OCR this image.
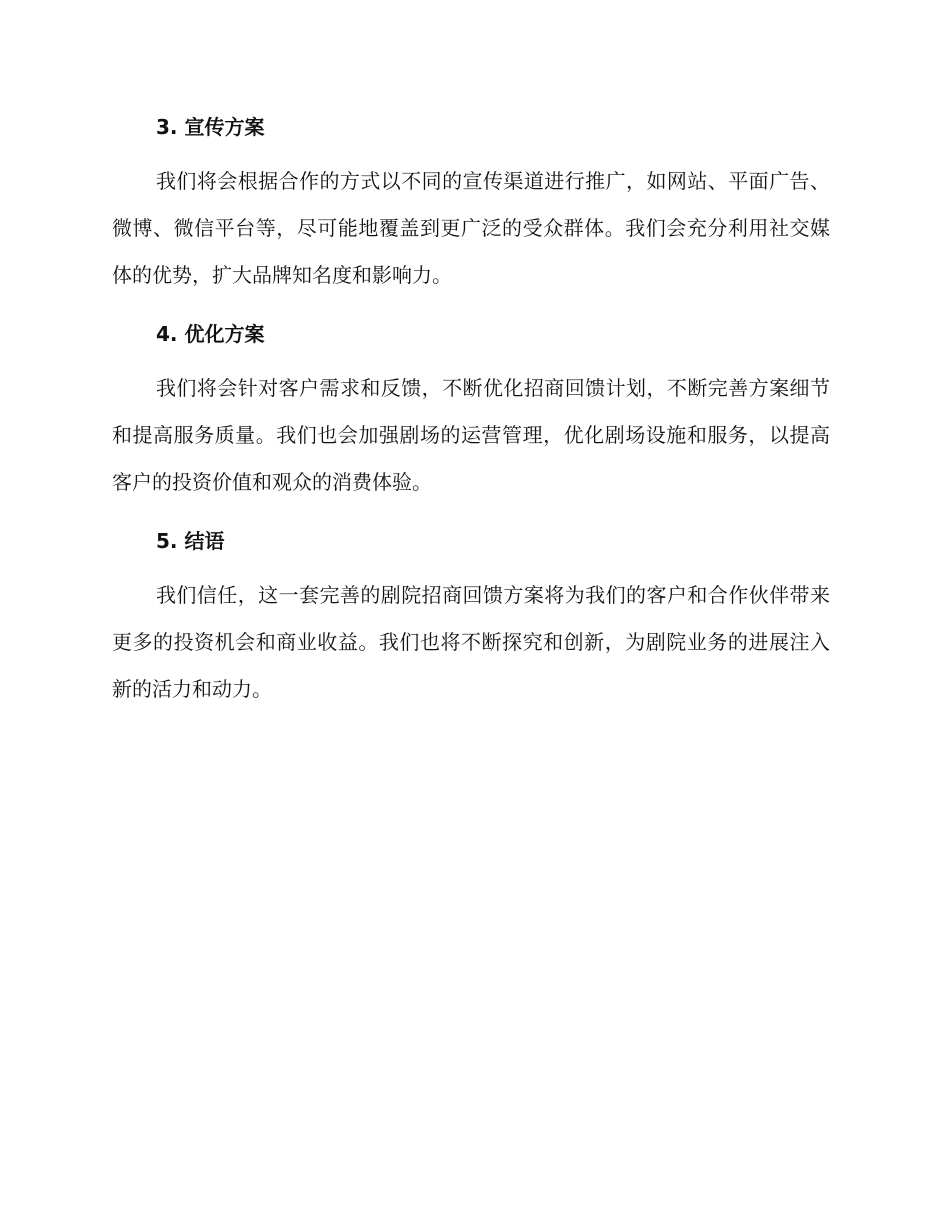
3. 宣传方案

我们将会根据合作的方式以不同的宣传渠道进行推广，如网站、平面广告、微博、微信平台等，尽可能地覆盖到更广泛的受众群体。我们会充分利用社交媒体的优势，扩大品牌知名度和影响力。

4. 优化方案

我们将会针对客户需求和反馈，不断优化招商回馈计划，不断完善方案细节和提高服务质量。我们也会加强剧场的运营管理，优化剧场设施和服务，以提高客户的投资价值和观众的消费体验。

5. 结语

我们信任，这一套完善的剧院招商回馈方案将为我们的客户和合作伙伴带来更多的投资机会和商业收益。我们也将不断探究和创新，为剧院业务的进展注入新的活力和动力。
